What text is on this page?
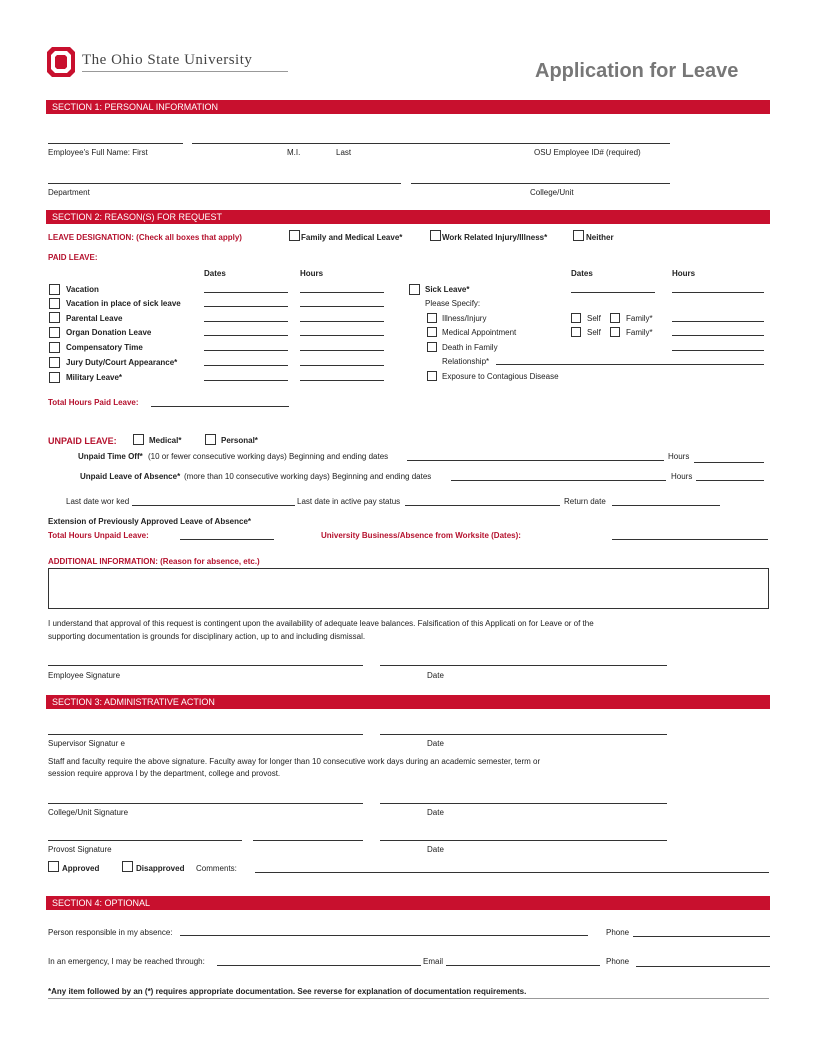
The Ohio State University	Application for Leave
SECTION 1: PERSONAL INFORMATION
Employee's Full Name: First	M.I.	Last	OSU Employee ID# (required)
Department	College/Unit
SECTION 2: REASON(S) FOR REQUEST
LEAVE DESIGNATION: (Check all boxes that apply)	Family and Medical Leave*	Work Related Injury/Illness*	Neither
PAID LEAVE:
Dates	Hours	Dates	Hours
Vacation
Vacation in place of sick leave
Parental Leave
Organ Donation Leave
Compensatory Time
Jury Duty/Court Appearance*
Military Leave*
Sick Leave*
Please Specify:
Illness/Injury	Self	Family*
Medical Appointment	Self	Family*
Death in Family
Relationship*
Exposure to Contagious Disease
Total Hours Paid Leave:
UNPAID LEAVE:	Medical*	Personal*
Unpaid Time Off* (10 or fewer consecutive working days) Beginning and ending dates	Hours
Unpaid Leave of Absence* (more than 10 consecutive working days) Beginning and ending dates	Hours
Last date wor ked	Last date in active pay status	Return date
Extension of Previously Approved Leave of Absence*
Total Hours Unpaid Leave:	University Business/Absence from Worksite (Dates):
ADDITIONAL INFORMATION: (Reason for absence, etc.)
I understand that approval of this request is contingent upon the availability of adequate leave balances. Falsification of this Applicati on for Leave or of the
supporting documentation is grounds for disciplinary action, up to and including dismissal.
Employee Signature	Date
SECTION 3: ADMINISTRATIVE ACTION
Supervisor Signatur e	Date
Staff and faculty require the above signature. Faculty away for longer than 10 consecutive work days during an academic semester, term or
session require approva l by the department, college and provost.
College/Unit Signature	Date
Provost Signature	Date
Approved	Disapproved Comments:
SECTION 4: OPTIONAL
Person responsible in my absence:	Phone
In an emergency, I may be reached through:	Email	Phone
*Any item followed by an (*) requires appropriate documentation. See reverse for explanation of documentation requirements.
